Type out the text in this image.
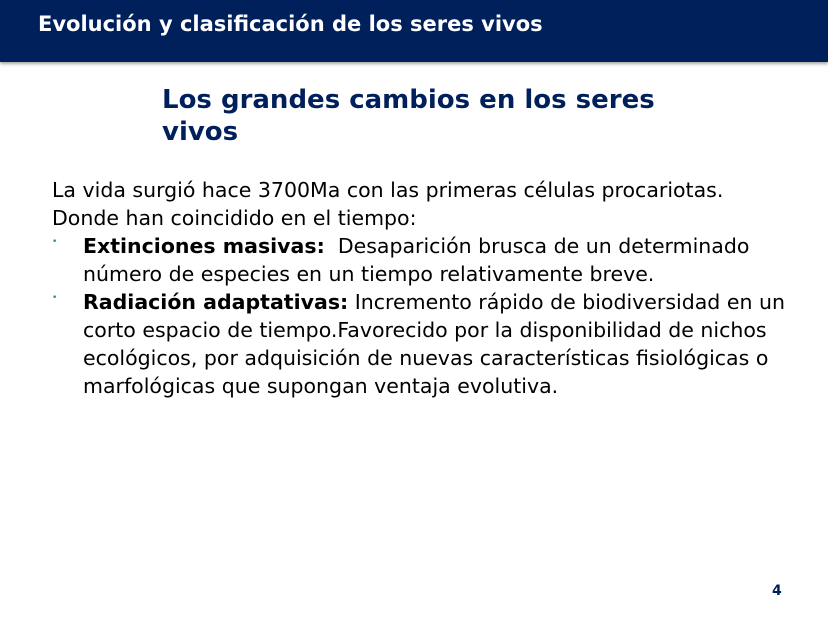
Evolución y clasificación de los seres vivos
Los grandes cambios en los seres vivos

La vida surgió hace 3700Ma con las primeras células procariotas. Donde han coincidido en el tiempo:

• Extinciones masivas:  Desaparición brusca de un determinado número de especies en un tiempo relativamente breve.
• Radiación adaptativas: Incremento rápido de biodiversidad en un corto espacio de tiempo.Favorecido por la disponibilidad de nichos ecológicos, por adquisición de nuevas características fisiológicas o marfológicas que supongan ventaja evolutiva.
4
